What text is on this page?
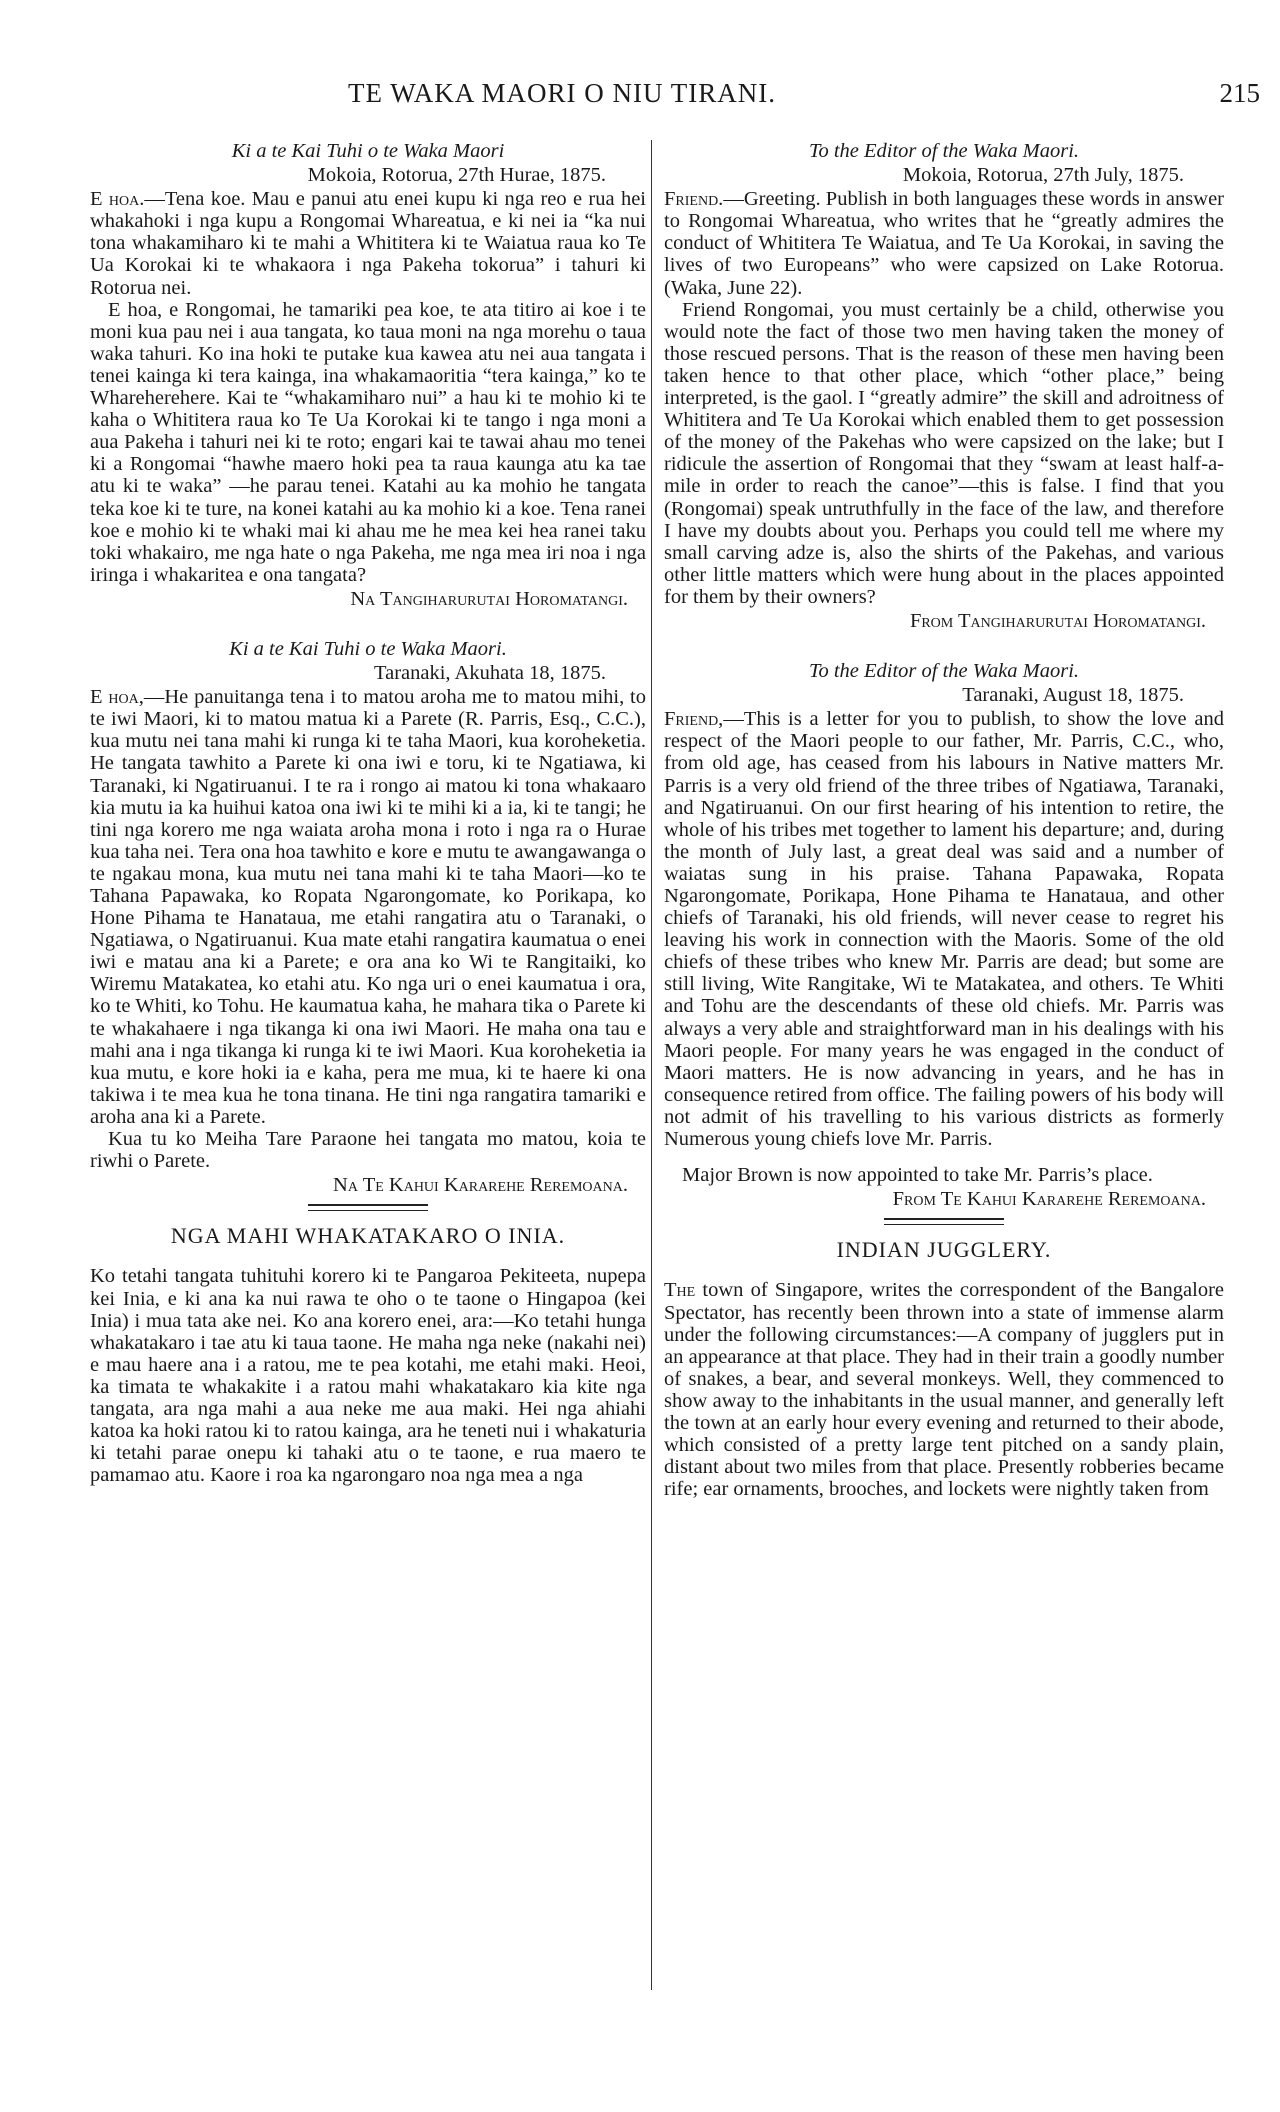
TE WAKA MAORI O NIU TIRANI.	215
Ki a te Kai Tuhi o te Waka Maori
Mokoia, Rotorua, 27th Hurae, 1875.

E hoa.—Tena koe. Mau e panui atu enei kupu ki nga reo e rua hei whakahoki i nga kupu a Rongomai Whareatua, e ki nei ia “ka nui tona whakamiharo ki te mahi a Whititera ki te Waiatua raua ko Te Ua Korokai ki te whakaora i nga Pakeha tokorua” i tahuri ki Rotorua nei.

E hoa, e Rongomai, he tamariki pea koe, te ata titiro ai koe i te moni kua pau nei i aua tangata, ko taua moni na nga morehu o taua waka tahuri. Ko ina hoki te putake kua kawea atu nei aua tangata i tenei kainga ki tera kainga, ina whakamaoritia “tera kainga,” ko te Whareherehere. Kai te “whakamiharo nui” a hau ki te mohio ki te kaha o Whititera raua ko Te Ua Korokai ki te tango i nga moni a aua Pakeha i tahuri nei ki te roto; engari kai te tawai ahau mo tenei ki a Rongomai “hawhe maero hoki pea ta raua kaunga atu ka tae atu ki te waka” —he parau tenei. Katahi au ka mohio he tangata teka koe ki te ture, na konei katahi au ka mohio ki a koe. Tena ranei koe e mohio ki te whaki mai ki ahau me he mea kei hea ranei taku toki whakairo, me nga hate o nga Pakeha, me nga mea iri noa i nga iringa i whakaritea e ona tangata?

Na Tangiharuruтai Horomatangi.
Ki a te Kai Tuhi o te Waka Maori.
Taranaki, Akuhata 18, 1875.

E hoa,—He panuitanga tena i to matou aroha me to matou mihi, to te iwi Maori, ki to matou matua ki a Parete (R. Parris, Esq., C.C.), kua mutu nei tana mahi ki runga ki te taha Maori, kua koroheketia. He tangata tawhito a Parete ki ona iwi e toru, ki te Ngatiawa, ki Taranaki, ki Ngatiruanui. I te ra i rongo ai matou ki tona whakaaro kia mutu ia ka huihui katoa ona iwi ki te mihi ki a ia, ki te tangi; he tini nga korero me nga waiata aroha mona i roto i nga ra o Hurae kua taha nei. Tera ona hoa tawhito e kore e mutu te awangawanga o te ngakau mona, kua mutu nei tana mahi ki te taha Maori—ko te Tahana Papawaka, ko Ropata Ngarongomate, ko Porikapa, ko Hone Pihama te Hanataua, me etahi rangatira atu o Taranaki, o Ngatiawa, o Ngatiruanui. Kua mate etahi rangatira kaumatua o enei iwi e matau ana ki a Parete; e ora ana ko Wi te Rangitaiki, ko Wiremu Matakatea, ko etahi atu. Ko nga uri o enei kaumatua i ora, ko te Whiti, ko Tohu. He kaumatua kaha, he mahara tika o Parete ki te whakahaere i nga tikanga ki ona iwi Maori. He maha ona tau e mahi ana i nga tikanga ki runga ki te iwi Maori. Kua koroheketia ia kua mutu, e kore hoki ia e kaha, pera me mua, ki te haere ki ona takiwa i te mea kua he tona tinana. He tini nga rangatira tamariki e aroha ana ki a Parete.

Kua tu ko Meiha Tare Paraone hei tangata mo matou, koia te riwhi o Parete.

Na Te Kahui Kararehe Reremoana.
NGA MAHI WHAKATAKARO O INIA.

Ko tetahi tangata tuhituhi korero ki te Pangaroa Pekiteeta, nupepa kei Inia, e ki ana ka nui rawa te oho o te taone o Hingapoa (kei Inia) i mua tata ake nei. Ko ana korero enei, ara:—Ko tetahi hunga whakatakaro i tae atu ki taua taone. He maha nga neke (nakahi nei) e mau haere ana i a ratou, me te pea kotahi, me etahi maki. Heoi, ka timata te whakakite i a ratou mahi whakatakaro kia kite nga tangata, ara nga mahi a aua neke me aua maki. Hei nga ahiahi katoa ka hoki ratou ki to ratou kainga, ara he teneti nui i whakaturia ki tetahi parae onepu ki tahaki atu o te taone, e rua maero te pamamao atu. Kaore i roa ka ngarongaro noa nga mea a nga

To the Editor of the Waka Maori.
Mokoia, Rotorua, 27th July, 1875.

Friend.—Greeting. Publish in both languages these words in answer to Rongomai Whareatua, who writes that he “greatly admires the conduct of Whititera Te Waiatua, and Te Ua Korokai, in saving the lives of two Europeans” who were capsized on Lake Rotorua. (Waka, June 22).

Friend Rongomai, you must certainly be a child, otherwise you would note the fact of those two men having taken the money of those rescued persons. That is the reason of these men having been taken hence to that other place, which “other place,” being interpreted, is the gaol. I “greatly admire” the skill and adroitness of Whititera and Te Ua Korokai which enabled them to get possession of the money of the Pakehas who were capsized on the lake; but I ridicule the assertion of Rongomai that they “swam at least half-a-mile in order to reach the canoe”—this is false. I find that you (Rongomai) speak untruthfully in the face of the law, and therefore I have my doubts about you. Perhaps you could tell me where my small carving adze is, also the shirts of the Pakehas, and various other little matters which were hung about in the places appointed for them by their owners?

From Tangiharuruтai Horomatangi.
To the Editor of the Waka Maori.
Taranaki, August 18, 1875.

Friend,—This is a letter for you to publish, to show the love and respect of the Maori people to our father, Mr. Parris, C.C., who, from old age, has ceased from his labours in Native matters Mr. Parris is a very old friend of the three tribes of Ngatiawa, Taranaki, and Ngatiruanui. On our first hearing of his intention to retire, the whole of his tribes met together to lament his departure; and, during the month of July last, a great deal was said and a number of waiatas sung in his praise. Tahana Papawaka, Ropata Ngarongomate, Porikapa, Hone Pihama te Hanataua, and other chiefs of Taranaki, his old friends, will never cease to regret his leaving his work in connection with the Maoris. Some of the old chiefs of these tribes who knew Mr. Parris are dead; but some are still living, Wite Rangitake, Wi te Matakatea, and others. Te Whiti and Tohu are the descendants of these old chiefs. Mr. Parris was always a very able and straightforward man in his dealings with his Maori people. For many years he was engaged in the conduct of Maori matters. He is now advancing in years, and he has in consequence retired from office. The failing powers of his body will not admit of his travelling to his various districts as formerly Numerous young chiefs love Mr. Parris.

Major Brown is now appointed to take Mr. Parris’s place.

From Te Kahui Kararehe Reremoana.
INDIAN JUGGLERY.

The town of Singapore, writes the correspondent of the Bangalore Spectator, has recently been thrown into a state of immense alarm under the following circumstances:—A company of jugglers put in an appearance at that place. They had in their train a goodly number of snakes, a bear, and several monkeys. Well, they commenced to show away to the inhabitants in the usual manner, and generally left the town at an early hour every evening and returned to their abode, which consisted of a pretty large tent pitched on a sandy plain, distant about two miles from that place. Presently robberies became rife; ear ornaments, brooches, and lockets were nightly taken from
